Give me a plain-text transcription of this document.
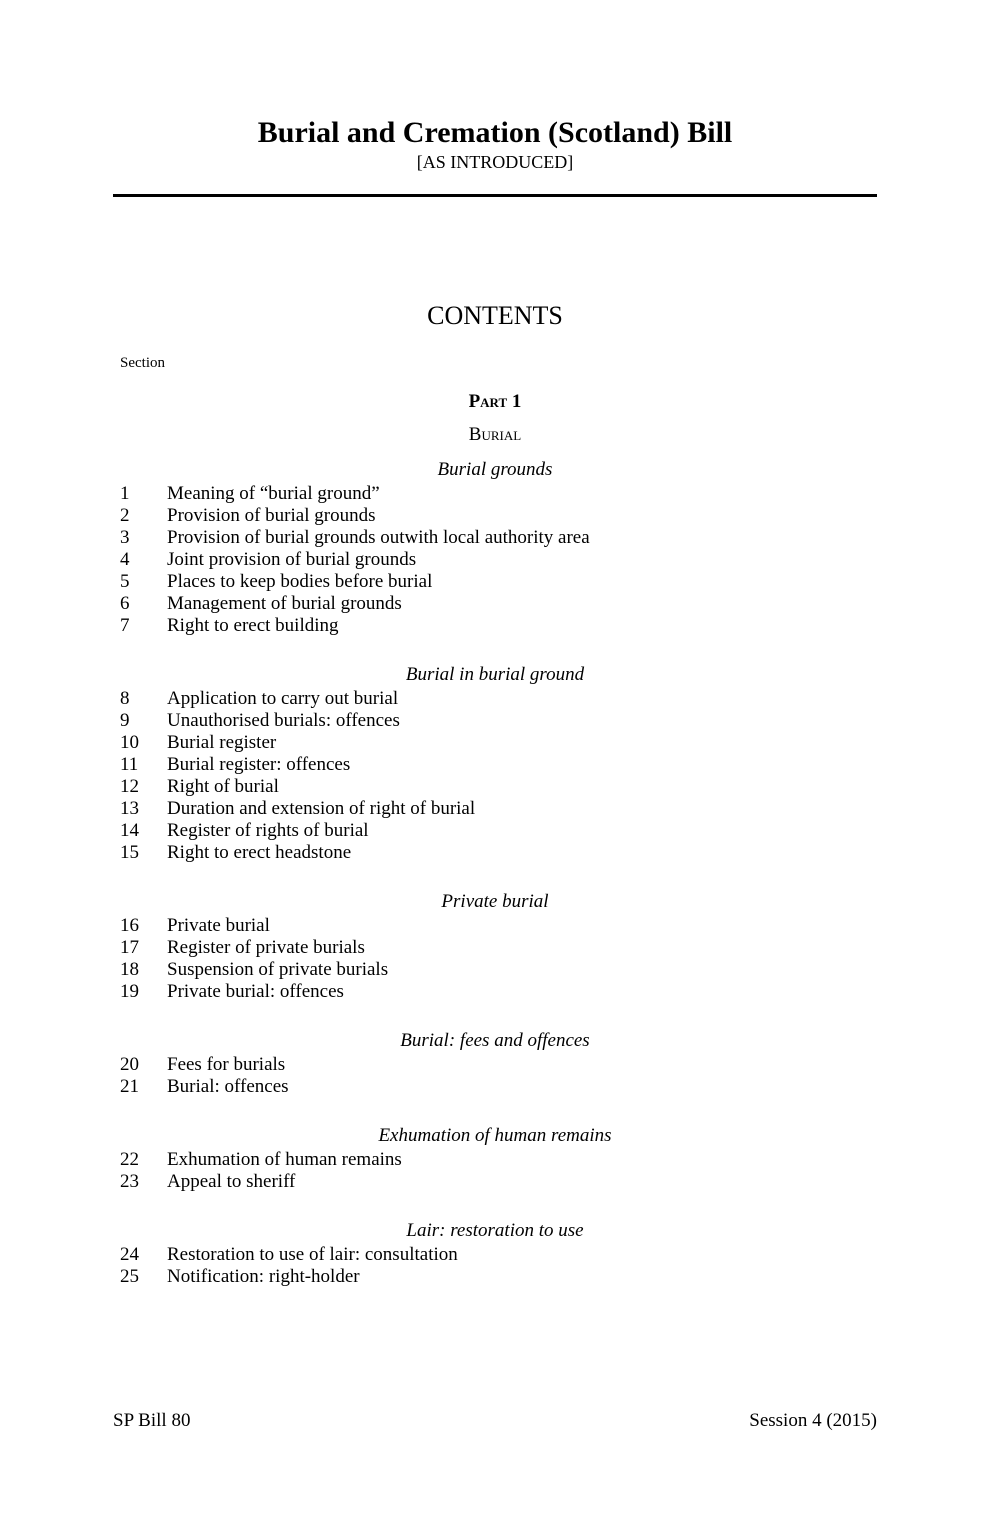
Burial and Cremation (Scotland) Bill
[AS INTRODUCED]
CONTENTS
Section
Part 1
Burial
Burial grounds
1	Meaning of “burial ground”
2	Provision of burial grounds
3	Provision of burial grounds outwith local authority area
4	Joint provision of burial grounds
5	Places to keep bodies before burial
6	Management of burial grounds
7	Right to erect building
Burial in burial ground
8	Application to carry out burial
9	Unauthorised burials: offences
10	Burial register
11	Burial register: offences
12	Right of burial
13	Duration and extension of right of burial
14	Register of rights of burial
15	Right to erect headstone
Private burial
16	Private burial
17	Register of private burials
18	Suspension of private burials
19	Private burial: offences
Burial: fees and offences
20	Fees for burials
21	Burial: offences
Exhumation of human remains
22	Exhumation of human remains
23	Appeal to sheriff
Lair: restoration to use
24	Restoration to use of lair: consultation
25	Notification: right-holder
SP Bill 80	Session 4 (2015)
